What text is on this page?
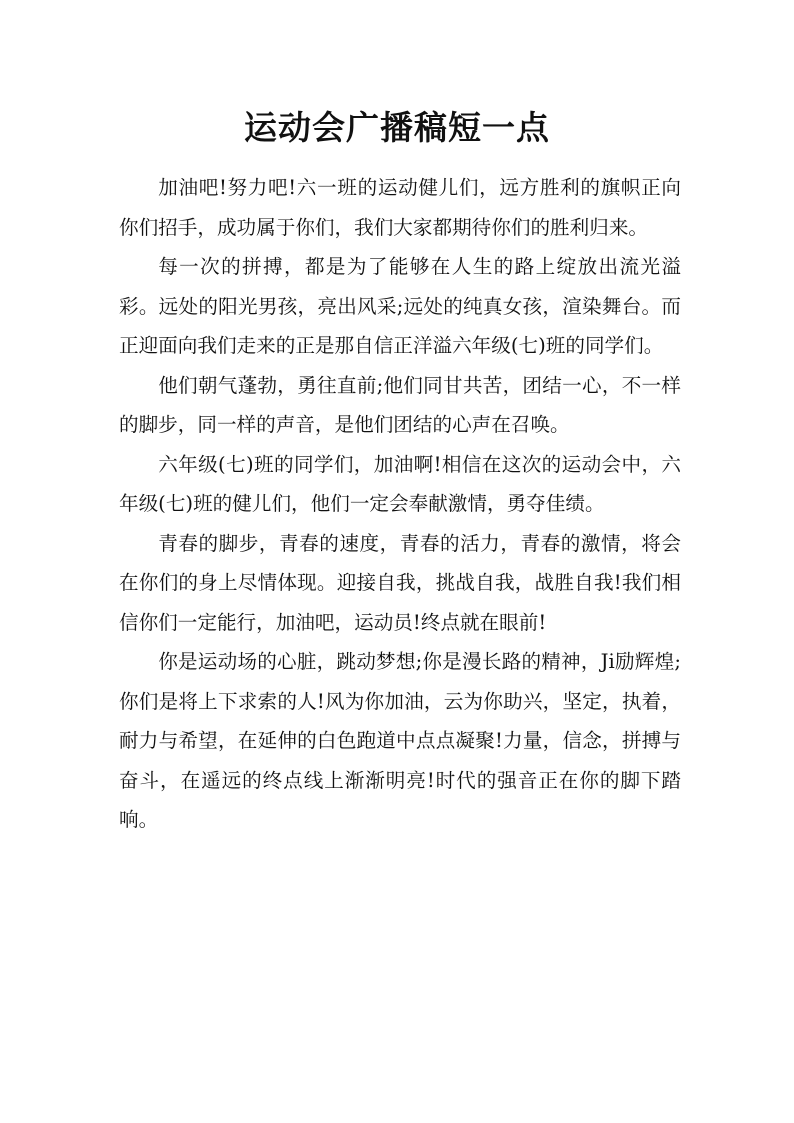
运动会广播稿短一点

加油吧!努力吧!六一班的运动健儿们，远方胜利的旗帜正向你们招手，成功属于你们，我们大家都期待你们的胜利归来。

每一次的拼搏，都是为了能够在人生的路上绽放出流光溢彩。远处的阳光男孩，亮出风采;远处的纯真女孩，渲染舞台。而正迎面向我们走来的正是那自信正洋溢六年级(七)班的同学们。

他们朝气蓬勃，勇往直前;他们同甘共苦，团结一心，不一样的脚步，同一样的声音，是他们团结的心声在召唤。

六年级(七)班的同学们，加油啊!相信在这次的运动会中，六年级(七)班的健儿们，他们一定会奉献激情，勇夺佳绩。

青春的脚步，青春的速度，青春的活力，青春的激情，将会在你们的身上尽情体现。迎接自我，挑战自我，战胜自我!我们相信你们一定能行，加油吧，运动员!终点就在眼前!

你是运动场的心脏，跳动梦想;你是漫长路的精神，Ji励辉煌;你们是将上下求索的人!风为你加油，云为你助兴，坚定，执着，耐力与希望，在延伸的白色跑道中点点凝聚!力量，信念，拼搏与奋斗，在遥远的终点线上渐渐明亮!时代的强音正在你的脚下踏响。
